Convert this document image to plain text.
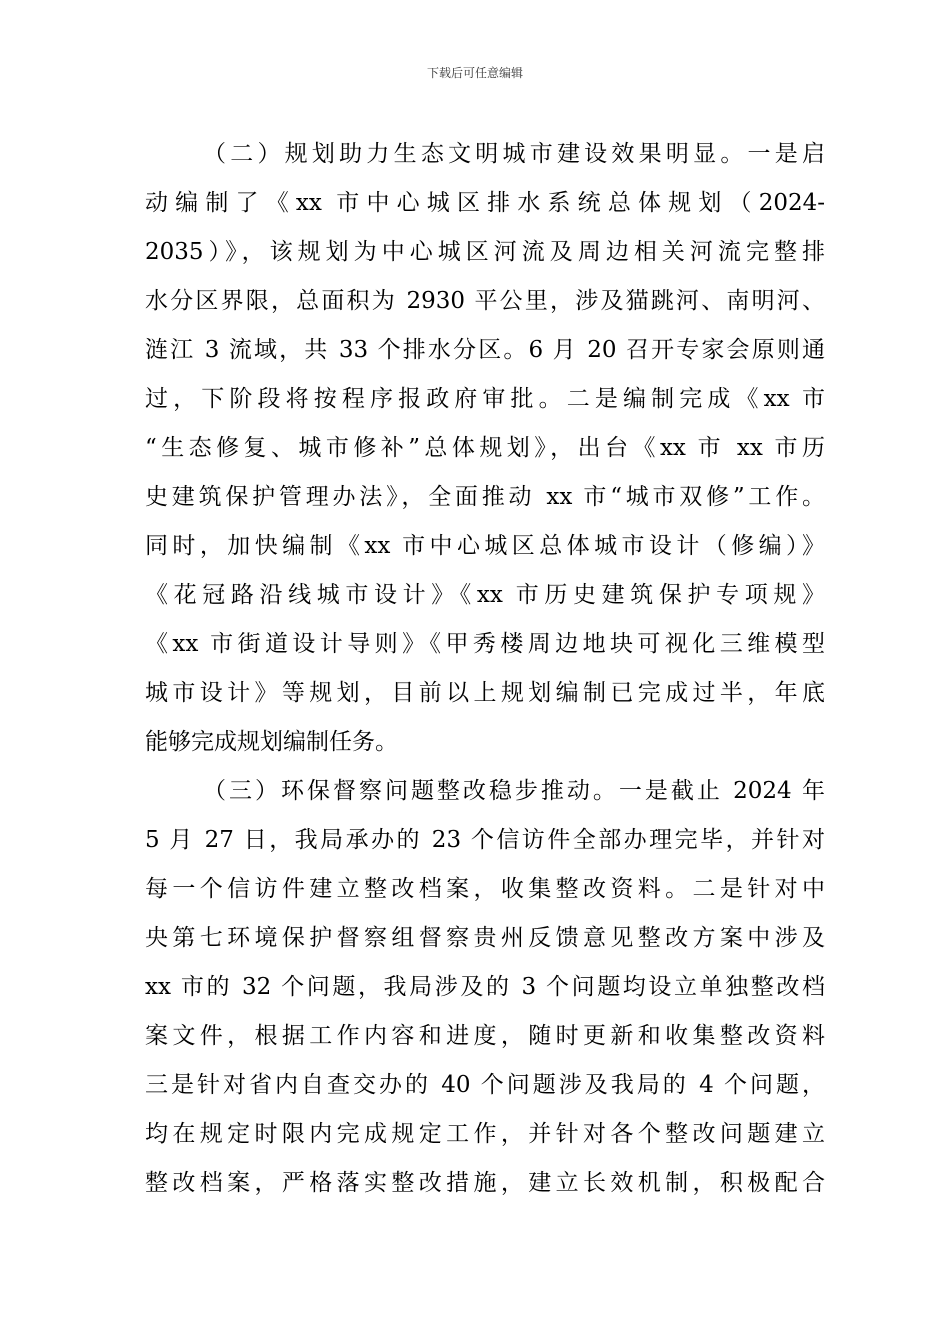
下载后可任意编辑
（二）规划助力生态文明城市建设效果明显。一是启
动编制了《xx 市中心城区排水系统总体规划（2024-
2035）》，该规划为中心城区河流及周边相关河流完整排
水分区界限，总面积为 2930 平公里，涉及猫跳河、南明河、
涟江 3 流域，共 33 个排水分区。6 月 20 召开专家会原则通
过，下阶段将按程序报政府审批。二是编制完成《xx 市
“生态修复、城市修补”总体规划》，出台《xx 市 xx 市历
史建筑保护管理办法》，全面推动 xx 市“城市双修”工作。
同时，加快编制《xx 市中心城区总体城市设计（修编）》
《花冠路沿线城市设计》《xx 市历史建筑保护专项规》
《xx 市街道设计导则》《甲秀楼周边地块可视化三维模型
城市设计》等规划，目前以上规划编制已完成过半，年底
能够完成规划编制任务。
（三）环保督察问题整改稳步推动。一是截止 2024 年
5 月 27 日，我局承办的 23 个信访件全部办理完毕，并针对
每一个信访件建立整改档案，收集整改资料。二是针对中
央第七环境保护督察组督察贵州反馈意见整改方案中涉及
xx 市的 32 个问题，我局涉及的 3 个问题均设立单独整改档
案文件，根据工作内容和进度，随时更新和收集整改资料
三是针对省内自查交办的 40 个问题涉及我局的 4 个问题，
均在规定时限内完成规定工作，并针对各个整改问题建立
整改档案，严格落实整改措施，建立长效机制，积极配合
